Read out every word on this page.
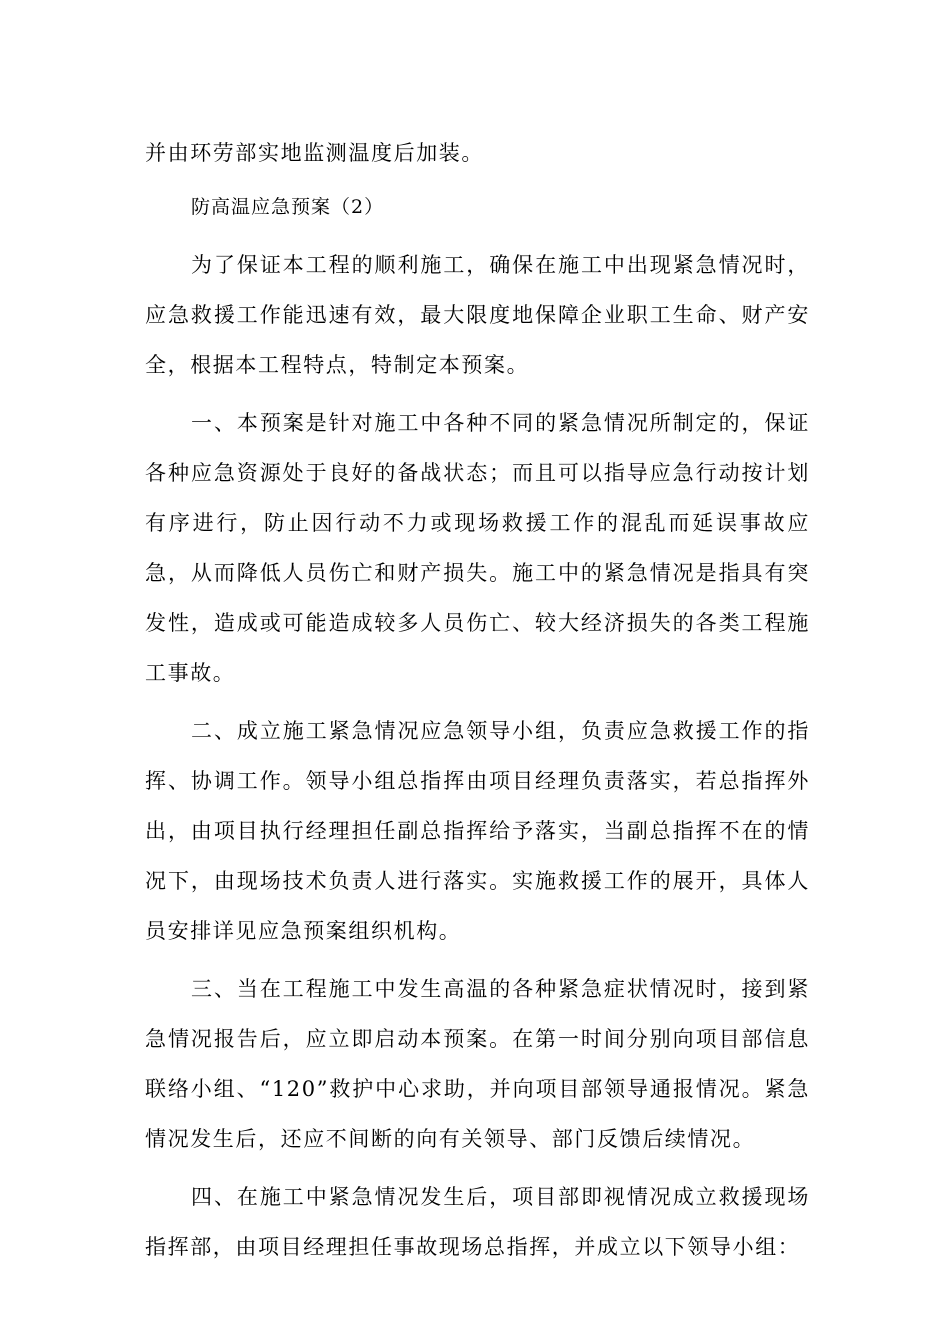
并由环劳部实地监测温度后加装。

防高温应急预案（2）

为了保证本工程的顺利施工，确保在施工中出现紧急情况时，应急救援工作能迅速有效，最大限度地保障企业职工生命、财产安全，根据本工程特点，特制定本预案。

一、本预案是针对施工中各种不同的紧急情况所制定的，保证各种应急资源处于良好的备战状态；而且可以指导应急行动按计划有序进行，防止因行动不力或现场救援工作的混乱而延误事故应急，从而降低人员伤亡和财产损失。施工中的紧急情况是指具有突发性，造成或可能造成较多人员伤亡、较大经济损失的各类工程施工事故。

二、成立施工紧急情况应急领导小组，负责应急救援工作的指挥、协调工作。领导小组总指挥由项目经理负责落实，若总指挥外出，由项目执行经理担任副总指挥给予落实，当副总指挥不在的情况下，由现场技术负责人进行落实。实施救援工作的展开，具体人员安排详见应急预案组织机构。

三、当在工程施工中发生高温的各种紧急症状情况时，接到紧急情况报告后，应立即启动本预案。在第一时间分别向项目部信息联络小组、“120”救护中心求助，并向项目部领导通报情况。紧急情况发生后，还应不间断的向有关领导、部门反馈后续情况。

四、在施工中紧急情况发生后，项目部即视情况成立救援现场指挥部，由项目经理担任事故现场总指挥，并成立以下领导小组：
